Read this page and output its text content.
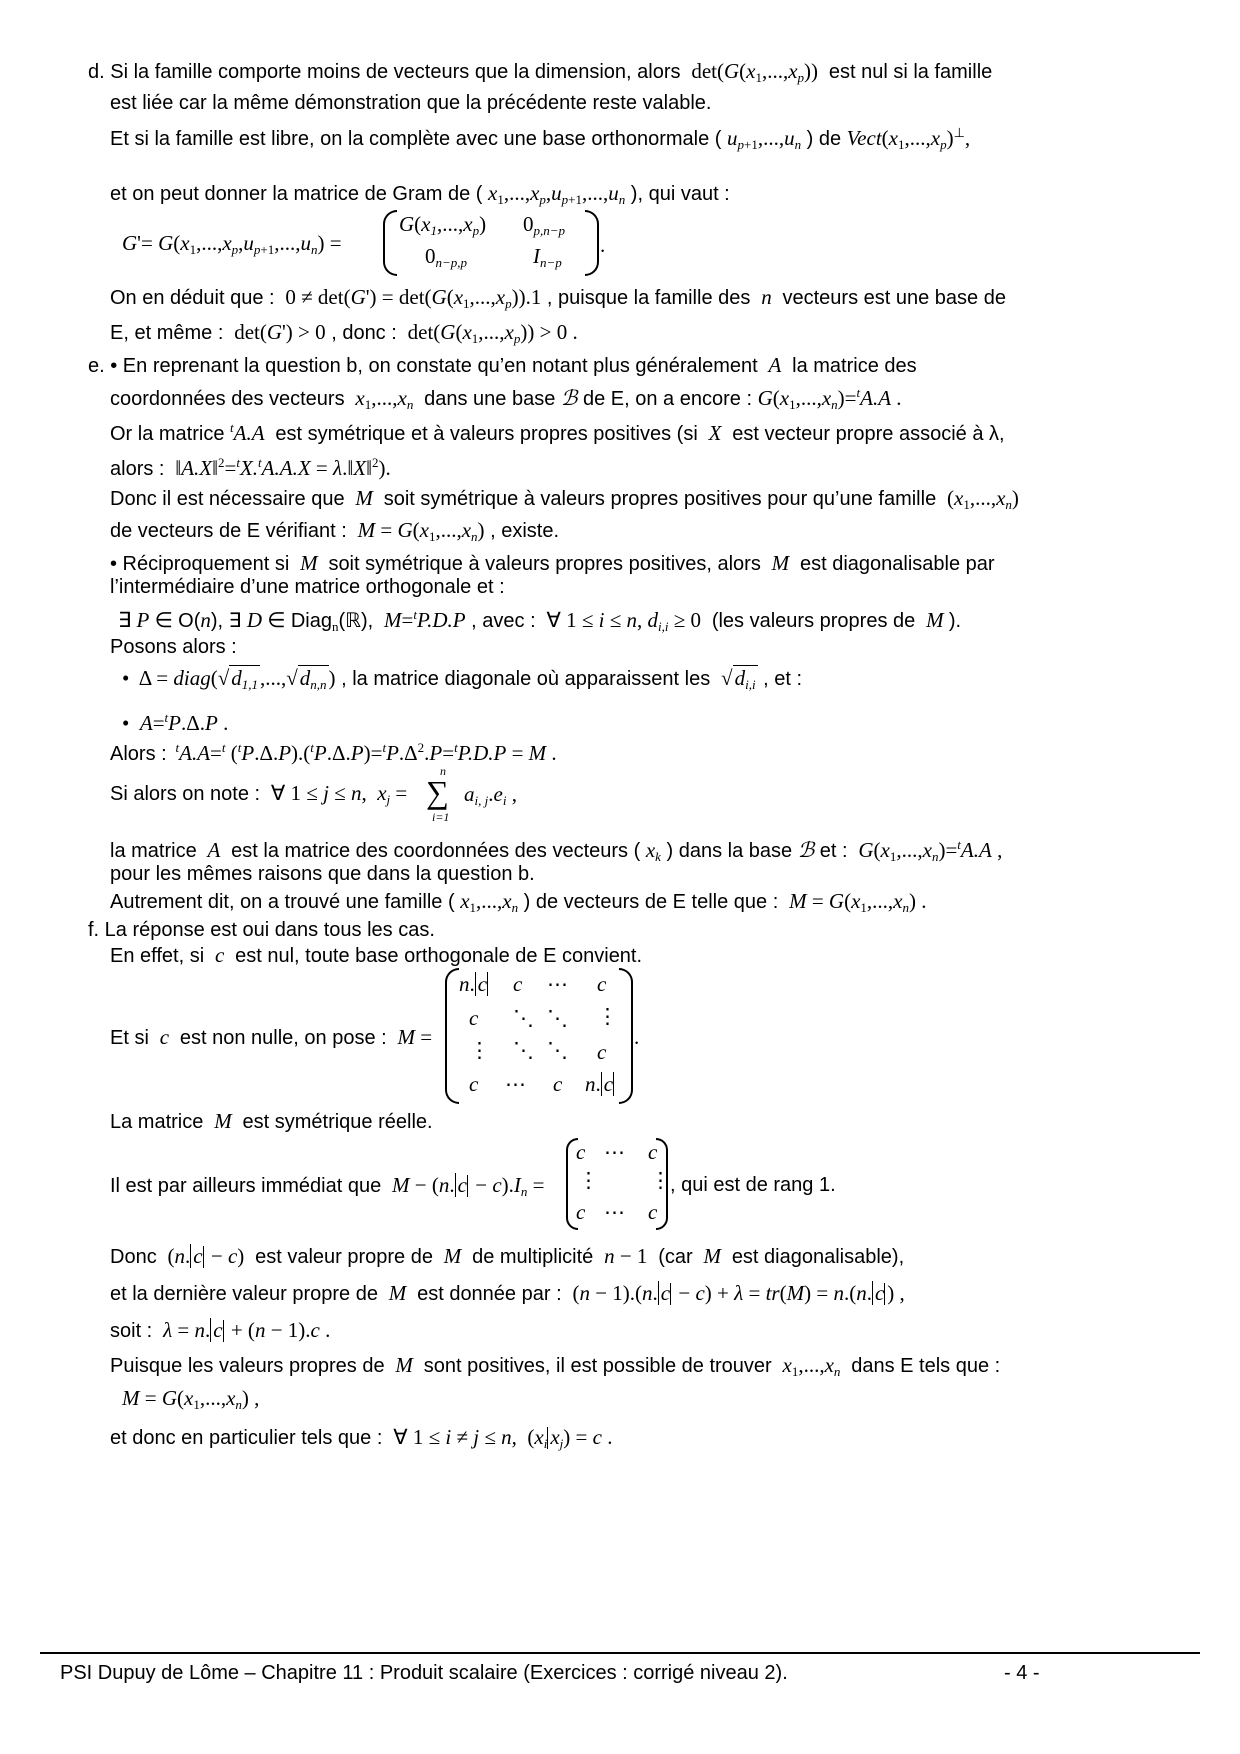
d. Si la famille comporte moins de vecteurs que la dimension, alors  $\det(G(x_1,...,x_p))$  est nul si la famille
est liée car la même démonstration que la précédente reste valable.
Et si la famille est libre, on la complète avec une base orthonormale ( $u_{p+1},...,u_n$ ) de $Vect(x_1,...,x_p)^\perp$,
et on peut donner la matrice de Gram de ( $x_1,...,x_p,u_{p+1},...,u_n$ ), qui vaut :
$G'= G(x_1,...,x_p,u_{p+1},...,u_n)$ =
$G(x_1,...,x_p)$ $0_{p,n-p}$
$0_{n-p,p}$	$I_{n-p}$
.
On en déduit que :  $0 \ne \det(G') = \det(G(x_1,...,x_p)).1$ , puisque la famille des  n  vecteurs est une base de
E, et même :  det(G') > 0 , donc :  $\det(G(x_1,...,x_p)) > 0$ .
e. • En reprenant la question b, on constate qu’en notant plus généralement  A  la matrice des
coordonnées des vecteurs  $x_1,...,x_n$ dans une base ℬ de E, on a encore : $G(x_1,...,x_n)=^tA.A$ .
Or la matrice $^t$A.A  est symétrique et à valeurs propres positives (si  X  est vecteur propre associé à λ,
alors :  ‖A.X‖$^2$=$^t$X.$^t$A.A.X = λ.‖X‖$^2$).
Donc il est nécessaire que  M  soit symétrique à valeurs propres positives pour qu’une famille  $(x_1,...,x_n)$
de vecteurs de E vérifiant :  $M = G(x_1,...,x_n)$ , existe.
• Réciproquement si  M  soit symétrique à valeurs propres positives, alors  M  est diagonalisable par
l’intermédiaire d’une matrice orthogonale et :
∃ P ∈ O(n), ∃ D ∈ Diag$_n$(ℝ),  M=$^t$P.D.P , avec :  ∀ 1 ≤ i ≤ n, $d_{i,i} \ge 0$  (les valeurs propres de  M ).
Posons alors :
•  $\Delta = diag(√d_{1,1},...,√d_{n,n})$ , la matrice diagonale où apparaissent les  $√d_{i,i}$ , et :
•  A=$^t$P.Δ.P .
Alors : $^t$A.A=$^t$ $(^tP.\Delta.P).(^tP.\Delta.P)=^tP.\Delta^2.P=^tP.D.P = M$ .
Si alors on note :  ∀ 1 ≤ j ≤ n,  $x_j$ =
n
∑
i=1
$a_{i, j}.e_i$ ,
la matrice  A  est la matrice des coordonnées des vecteurs ( $x_k$ ) dans la base ℬ et :  $G(x_1,...,x_n)=^tA.A$ ,
pour les mêmes raisons que dans la question b.
Autrement dit, on a trouvé une famille ( $x_1,...,x_n$ ) de vecteurs de E telle que :  $M = G(x_1,...,x_n)$ .
f. La réponse est oui dans tous les cas.
En effet, si  c  est nul, toute base orthogonale de E convient.
Et si  c  est non nulle, on pose :  M =
n. c c ⋯ c
c ⋱ ⋱ ⋮
⋮ ⋱ ⋱ c
c ⋯ c n. c
.
La matrice  M  est symétrique réelle.
Il est par ailleurs immédiat que  M − (n. $c - c).I_n$ =
c ⋯ c
⋮ ⋮
c ⋯ c
, qui est de rang 1.
Donc  (n. c − c)  est valeur propre de  M  de multiplicité  n − 1  (car  M  est diagonalisable),
et la dernière valeur propre de  M  est donnée par :  (n − 1).(n. c − c) + λ = tr(M) = n.(n. c ) ,
soit :  λ = n. c + (n − 1).c .
Puisque les valeurs propres de  M  sont positives, il est possible de trouver  $x_1,...,x_n$ dans E tels que :
$M = G(x_1,...,x_n)$ ,
et donc en particulier tels que :  ∀ 1 ≤ i ≠ j ≤ n,  ($x_i$ $x_j) = c$ .
PSI Dupuy de Lôme – Chapitre 11 : Produit scalaire (Exercices : corrigé niveau 2).	- 4 -
